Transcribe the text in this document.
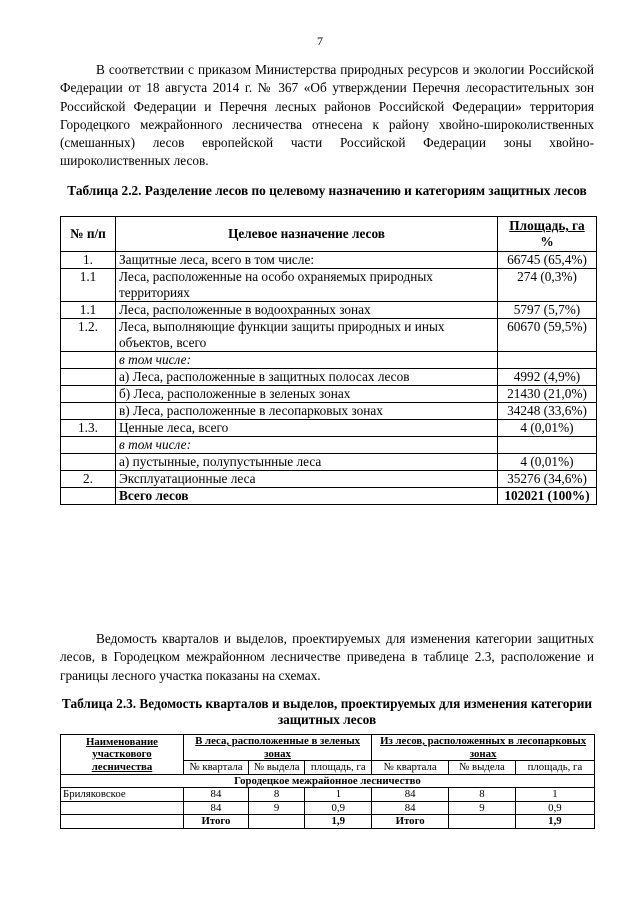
7

В соответствии с приказом Министерства природных ресурсов и экологии Российской Федерации от 18 августа 2014 г. № 367 «Об утверждении Перечня лесорастительных зон Российской Федерации и Перечня лесных районов Российской Федерации» территория Городецкого межрайонного лесничества отнесена к району хвойно-широколиственных (смешанных) лесов европейской части Российской Федерации зоны хвойно-широколиственных лесов.

Таблица 2.2. Разделение лесов по целевому назначению и категориям защитных лесов
№ п/п	Целевое назначение лесов	Площадь, га
%
1.	Защитные леса, всего в том числе:	66745 (65,4%)
1.1	Леса, расположенные на особо охраняемых природных территориях	274 (0,3%)
1.1	Леса, расположенные в водоохранных зонах	5797 (5,7%)
1.2.	Леса, выполняющие функции защиты природных и иных объектов, всего	60670 (59,5%)
	в том числе:	
	а) Леса, расположенные в защитных полосах лесов	4992 (4,9%)
	б) Леса, расположенные в зеленых зонах	21430 (21,0%)
	в) Леса, расположенные в лесопарковых зонах	34248 (33,6%)
1.3.	Ценные леса, всего	4 (0,01%)
	в том числе:	
	а) пустынные, полупустынные леса	4 (0,01%)
2.	Эксплуатационные леса	35276 (34,6%)
	Всего лесов	102021 (100%)

Ведомость кварталов и выделов, проектируемых для изменения категории защитных лесов, в Городецком межрайонном лесничестве приведена в таблице 2.3, расположение и границы лесного участка показаны на схемах.

Таблица 2.3. Ведомость кварталов и выделов, проектируемых для изменения категории защитных лесов
Наименование участкового лесничества	В леса, расположенные в зеленых зонах			Из лесов, расположенных в лесопарковых зонах		
	№ квартала	№ выдела	площадь, га	№ квартала	№ выдела	площадь, га
Городецкое межрайонное лесничество						
Бриляковское	84	8	1	84	8	1
	84	9	0,9	84	9	0,9
	Итого		1,9	Итого		1,9
